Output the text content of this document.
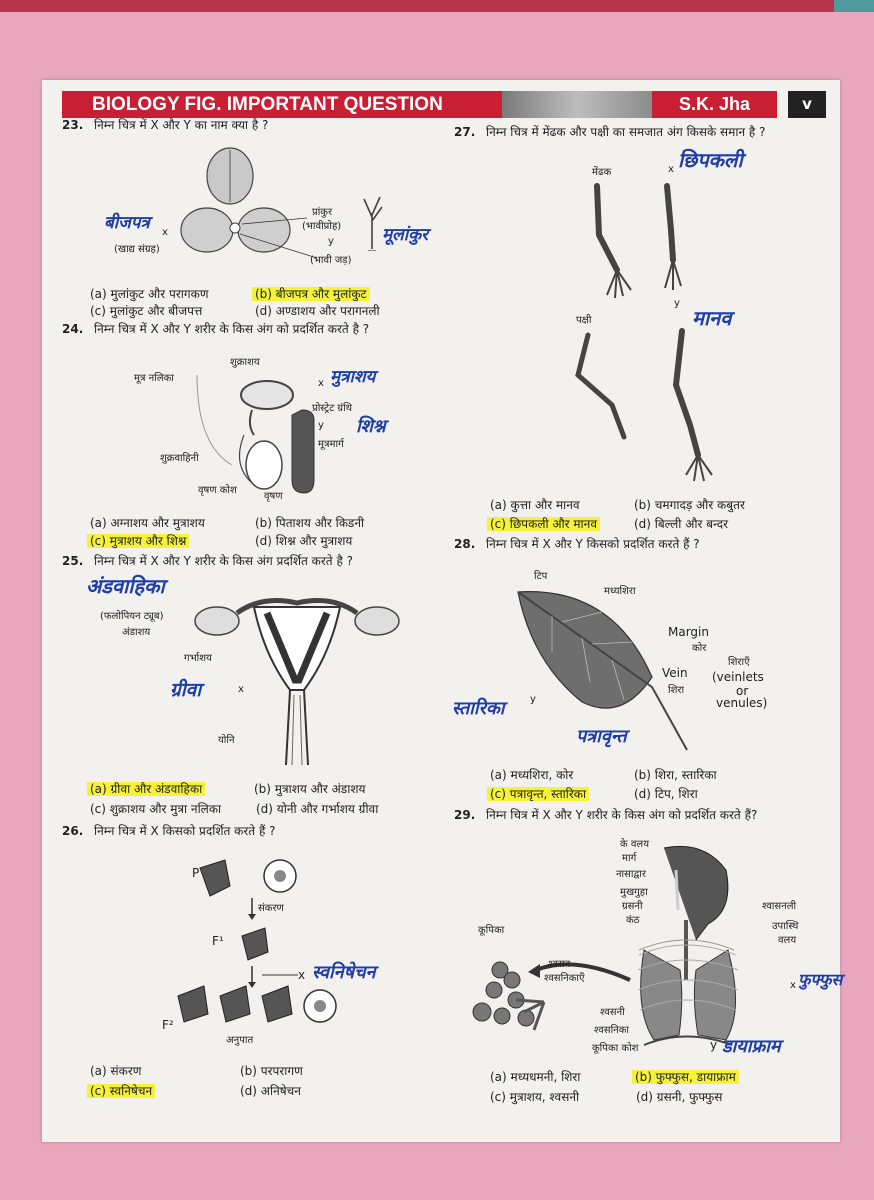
BIOLOGY FIG. IMPORTANT QUESTION	S.K. Jha	v
23. निम्न चित्र में X और Y का नाम क्या है ?
बीजपत्र x
(खाद्य संग्रह)
प्रांकुर
(भावीप्रोह)
y
(भावी जड़)
मूलांकुर
(a) मुलांकुट और परागकण	(b) बीजपत्र और मुलांकुट
(c) मुलांकुट और बीजपत्त	(d) अण्डाशय और परागनली
24. निम्न चित्र में X और Y शरीर के किस अंग को प्रदर्शित करते है ?
शुक्राशय
मूत्र नलिका	x मुत्राशय
प्रोस्ट्रेट ग्रंथि
y शिश्न
मूत्रमार्ग
शुक्रवाहिनी
वृषण कोश
वृषण
(a) अग्नाशय और मुत्राशय	(b) पिताशय और किडनी
(c) मुत्राशय और शिश्न	(d) शिश्न और मुत्राशय
25. निम्न चित्र में X और Y शरीर के किस अंग प्रदर्शित करते है ?
अंडवाहिका
(फलोपियन ट्यूब)
अंडाशय
गर्भाशय
ग्रीवा	x
योनि
(a) ग्रीवा और अंडवाहिका	(b) मुत्राशय और अंडाशय
(c) शुक्राशय और मुत्रा नलिका	(d) योनी और गर्भाशय ग्रीवा
26. निम्न चित्र में X किसको प्रदर्शित करते हैं ?
P
संकरण
F¹
x स्वनिषेचन
F²
अनुपात
(a) संकरण	(b) परपरागण
(c) स्वनिषेचन	(d) अनिषेचन
27. निम्न चित्र में मेंढक और पक्षी का समजात अंग किसके समान है ?
मेंढक	x छिपकली
y
पक्षी	मानव
(a) कुत्ता और मानव	(b) चमगादड़ और कबुतर
(c) छिपकली और मानव	(d) बिल्ली और बन्दर
28. निम्न चित्र में X और Y किसको प्रदर्शित करते हैं ?
टिप
मध्यशिरा
Margin
कोर
शिराएँ
Vein (veinlets
शिरा	or
venules)
स्तारिका	y
पत्रावृन्त
(a) मध्यशिरा, कोर	(b) शिरा, स्तारिका
(c) पत्रावृन्त, स्तारिका	(d) टिप, शिरा
29. निम्न चित्र में X और Y शरीर के किस अंग को प्रदर्शित करते हैं?
के वलय
मार्ग
नासाद्वार
मुखगुहा
ग्रसनी
कंठ
श्वासनली
उपास्थि
वलय
कूपिका
श्वसन
श्वसनिकाएँ
x फुफ्फुस
श्वसनी
श्वसनिका
कूपिका कोश	y डायाफ्राम
(a) मध्यधमनी, शिरा	(b) फुफ्फुस, डायाफ्राम
(c) मुत्राशय, श्वसनी	(d) ग्रसनी, फुफ्फुस
